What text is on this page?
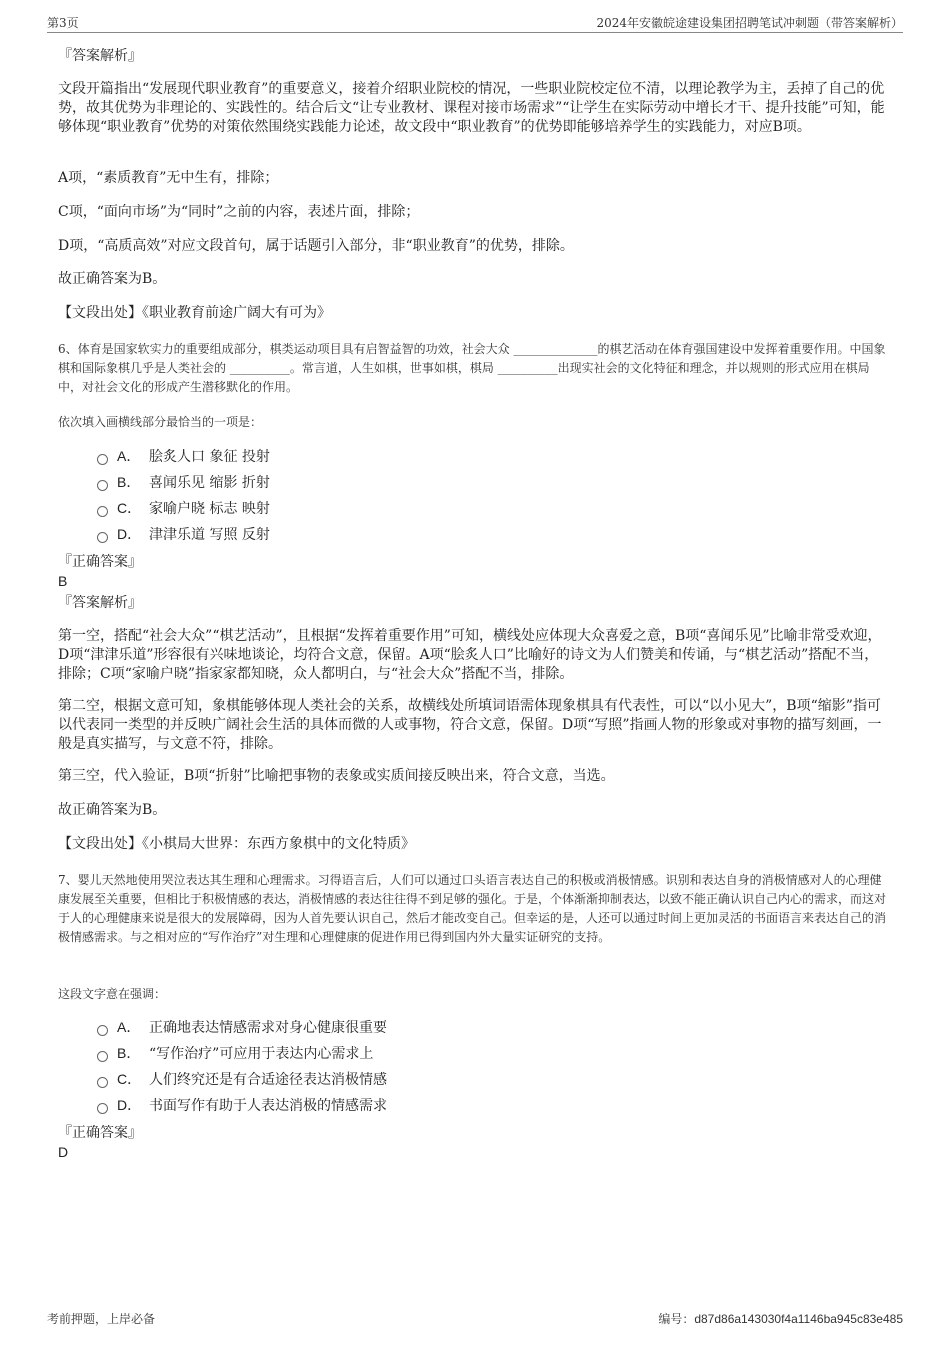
第3页	2024年安徽皖途建设集团招聘笔试冲刺题（带答案解析）
『答案解析』
文段开篇指出“发展现代职业教育”的重要意义，接着介绍职业院校的情况，一些职业院校定位不清，以理论教学为主，丢掉了自己的优势，故其优势为非理论的、实践性的。结合后文“让专业教材、课程对接市场需求”“让学生在实际劳动中增长才干、提升技能”可知，能够体现“职业教育”优势的对策依然围绕实践能力论述，故文段中“职业教育”的优势即能够培养学生的实践能力，对应B项。
A项，“素质教育”无中生有，排除；
C项，“面向市场”为“同时”之前的内容，表述片面，排除；
D项，“高质高效”对应文段首句，属于话题引入部分，非“职业教育”的优势，排除。
故正确答案为B。
【文段出处】《职业教育前途广阔大有可为》
6、体育是国家软实力的重要组成部分，棋类运动项目具有启智益智的功效，社会大众 ______________的棋艺活动在体育强国建设中发挥着重要作用。中国象棋和国际象棋几乎是人类社会的 __________。常言道，人生如棋，世事如棋，棋局 __________出现实社会的文化特征和理念，并以规则的形式应用在棋局中，对社会文化的形成产生潜移默化的作用。
依次填入画横线部分最恰当的一项是：
A． 脍炙人口 象征 投射
B． 喜闻乐见 缩影 折射
C． 家喻户晓 标志 映射
D． 津津乐道 写照 反射
『正确答案』
B
『答案解析』
第一空，搭配“社会大众”“棋艺活动”，且根据“发挥着重要作用”可知，横线处应体现大众喜爱之意，B项“喜闻乐见”比喻非常受欢迎，D项“津津乐道”形容很有兴味地谈论，均符合文意，保留。A项“脍炙人口”比喻好的诗文为人们赞美和传诵，与“棋艺活动”搭配不当，排除；C项“家喻户晓”指家家都知晓，众人都明白，与“社会大众”搭配不当，排除。
第二空，根据文意可知，象棋能够体现人类社会的关系，故横线处所填词语需体现象棋具有代表性，可以“以小见大”，B项“缩影”指可以代表同一类型的并反映广阔社会生活的具体而微的人或事物，符合文意，保留。D项“写照”指画人物的形象或对事物的描写刻画，一般是真实描写，与文意不符，排除。
第三空，代入验证，B项“折射”比喻把事物的表象或实质间接反映出来，符合文意，当选。
故正确答案为B。
【文段出处】《小棋局大世界：东西方象棋中的文化特质》
7、婴儿天然地使用哭泣表达其生理和心理需求。习得语言后，人们可以通过口头语言表达自己的积极或消极情感。识别和表达自身的消极情感对人的心理健康发展至关重要，但相比于积极情感的表达，消极情感的表达往往得不到足够的强化。于是，个体渐渐抑制表达，以致不能正确认识自己内心的需求，而这对于人的心理健康来说是很大的发展障碍，因为人首先要认识自己，然后才能改变自己。但幸运的是，人还可以通过时间上更加灵活的书面语言来表达自己的消极情感需求。与之相对应的“写作治疗”对生理和心理健康的促进作用已得到国内外大量实证研究的支持。
这段文字意在强调：
A． 正确地表达情感需求对身心健康很重要
B． “写作治疗”可应用于表达内心需求上
C． 人们终究还是有合适途径表达消极情感
D． 书面写作有助于人表达消极的情感需求
『正确答案』
D
考前押题，上岸必备	编号：d87d86a143030f4a1146ba945c83e485
